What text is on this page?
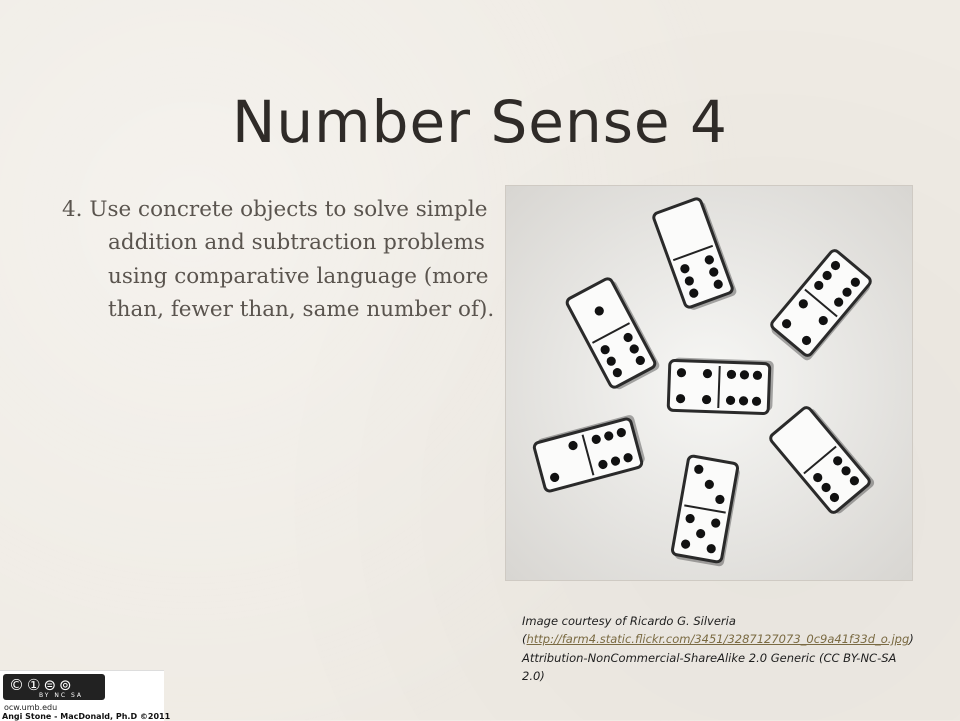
Number Sense 4
4. Use concrete objects to solve simple addition and subtraction problems using comparative language (more than, fewer than, same number of).
Image courtesy of Ricardo G. Silveria (http://farm4.static.flickr.com/3451/3287127073_0c9a41f33d_o.jpg) Attribution-NonCommercial-ShareAlike 2.0 Generic (CC BY-NC-SA 2.0)
©①⊜⊚
BY NC SA
ocw.umb.edu
Angi Stone - MacDonald, Ph.D ©2011
